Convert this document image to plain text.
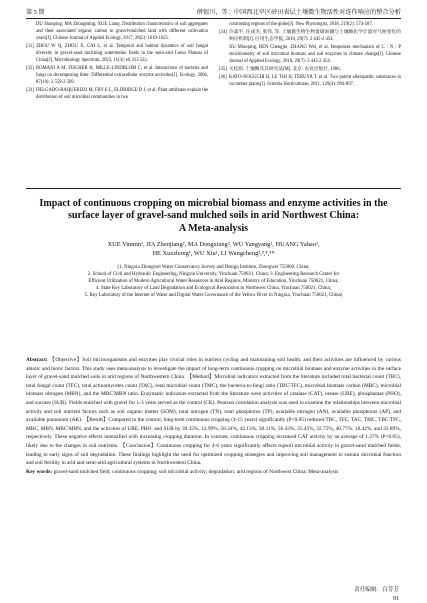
第 5 期	薛银川，等：中国西北旱区砂田表层土壤微生物活性对连作响应的整合分析
DU Shaoping, MA Zhongming, XUE Liang. Distribution characteristics of soil aggregates and their associated organic carbon in gravel-mulched land with different cultivation years[J]. Chinese Journal of Applied Ecology, 2017, 28(5): 1619-1625.
[31] ZHOU W Q, ZHOU X, CAI L, et al. Temporal and habitat dynamics of soil fungal diversity in gravel-sand mulching watermelon fields in the semi-arid Loess Plateau of China[J]. Microbiology Spectrum, 2023, 11(3): e0 313 522.
[32] ROMANI A M, FISCHER H, MILLE-LINDBLOM C, et al. Interactions of bacteria and fungi on decomposing litter: Differential extracellular enzyme activities[J]. Ecology, 2006, 87(10): 2 559-2 569.
[33] DELGADO-BAQUERIZO M, FRY E L, ELDRIDGE D J, et al. Plant attributes explain the distribution of soil microbial communities in two
contrasting regions of the globe[J]. New Phytologist, 2018, 219(2): 574-587.
[34] 许淼平, 任成杰, 张伟, 等. 土壤微生物生物量碳氮磷与土壤酶化学计量对气候变化的响应机制[J]. 应用生态学报, 2018, 29(7): 2 445-2 454.
XU Miaoping, REN Chengjie, ZHANG Wei, et al. Responses mechanism of C : N : P stoichiometry of soil microbial biomass and soil enzymes to climate change[J]. Chinese Journal of Applied Ecology, 2018, 29(7): 2 445-2 454.
[35] 关松荫. 土壤酶及其研究法[M]. 北京: 农业出版社, 1986.
[36] KATO-NOGUCHI H, LE THI H, TERUYA T, et al. Two potent allelopathic substances in cucumber plants[J]. Scientia Horticulturae, 2011, 129(4): 894-897.
Impact of continuous cropping on microbial biomass and enzyme activities in the
surface layer of gravel-sand mulched soils in arid Northwest China:
A Meta-analysis
XUE Yinmin¹, JIA Zhenjiang², MA Dongxiang², WU Yangyang², HUANG Yahao²,
HE Xuezhong¹, WU Xiu¹, LI Wangcheng²,³,⁴,⁵*
(1. Ningxia Zhongwei Water Conservancy Survey and Design Institute, Zhongwei 755000, China;
2. School of Civil and Hydraulic Engineering, Ningxia University, Yinchuan 750021, China; 3. Engineering Research Center for
Efficient Utilization of Modern Agricultural Water Resources in Arid Regions, Ministry of Education, Yinchuan 750021, China;
4. State Key Laboratory of Land Degradation and Ecological Restoration in Northwest China, Yinchuan 750021, China;
5. Key Laboratory of the Internet of Water and Digital Water Governance of the Yellow River in Ningxia, Yinchuan 750021, China)
Abstract: 【Objective】Soil microorganisms and enzymes play crucial roles in nutrient cycling and maintaining soil health, and their activities are influenced by various abiotic and biotic factors. This study uses meta-analysis to investigate the impact of long-term continuous cropping on microbial biomass and enzyme activities in the surface layer of gravel-sand mulched soils in arid regions of Northwestern China. 【Method】Microbial indicators extracted from the literature included total bacterial count (TBC), total fungal count (TFC), total actinomycetes count (TAC), total microbial count (TMC), the bacteria-to-fungi ratio (TBC∶TFC), microbial biomass carbon (MBC), microbial biomass nitrogen (MBN), and the MBC∶MBN ratio. Enzymatic indicators extracted from the literature were activities of catalase (CAT), urease (URE), phosphatase (PHO), and sucrase (SUR). Fields mulched with gravel for 1-3 years served as the control (CK). Pearson correlation analysis was used to examine the relationships between microbial activity and soil nutrient factors such as soil organic matter (SOM), total nitrogen (TN), total phosphorus (TP), available nitrogen (AN), available phosphorus (AP), and available potassium (AK). 【Result】Compared to the control, long-term continuous cropping (4-15 years) significantly (P<0.05) reduced TBC, TFC, TAC, TMC, TBC∶TFC, MBC, MBN, MBC∶MBN, and the activities of URE, PHO, and SUR by 39.35%, 12.99%, 58.34%, 42.13%, 30.11%, 56.43%, 25.45%, 32.75%, 40.77%, 18.42%, and 32.89%, respectively. These negative effects intensified with increasing cropping duration. In contrast, continuous cropping increased CAT activity by an average of 1.27% (P<0.05), likely due to the changes in soil nutrients. 【Conclusion】Continuous cropping for 4-6 years significantly affects topsoil microbial activity in gravel-sand mulched fields, leading to early signs of soil degradation. These findings highlight the need for optimized cropping strategies and improving soil management to sustain microbial function and soil fertility in arid and semi-arid agricultural systems in Northwestern China.
Key words: gravel-sand mulched field; continuous cropping; soil microbial activity; degradation; arid regions of Northwest China; Meta-analysis
责任编辑：白芳芳
91
